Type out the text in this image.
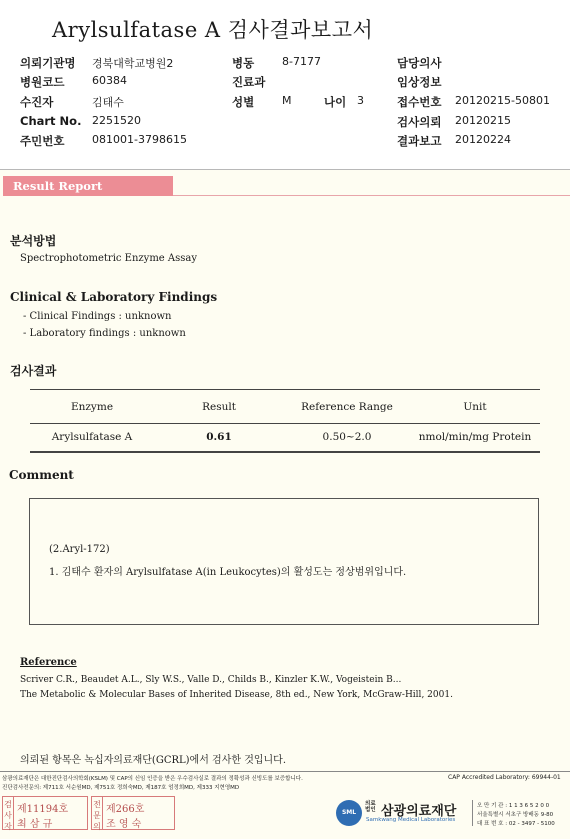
Arylsulfatase A 검사결과보고서
의뢰기관명 경북대학교병원2	병동	8-7177	담당의사
병원코드	60384	진료과	임상정보
수진자	김태수	성별	M	나이 3	접수번호 20120215-50801
Chart No. 2251520	검사의뢰 20120215
주민번호	081001-3798615	결과보고 20120224
Result Report
분석방법
Spectrophotometric Enzyme Assay
Clinical & Laboratory Findings
- Clinical Findings : unknown
- Laboratory findings : unknown
검사결과
Enzyme	Result	Reference Range	Unit
Arylsulfatase A	0.61	0.50~2.0	nmol/min/mg Protein
Comment
(2.Aryl-172)
1. 김태수 환자의 Arylsulfatase A(in Leukocytes)의 활성도는 정상범위입니다.
Reference
Scriver C.R., Beaudet A.L., Sly W.S., Valle D., Childs B., Kinzler K.W., Vogeistein B...
The Metabolic & Molecular Bases of Inherited Disease, 8th ed., New York, McGraw-Hill, 2001.
의뢰된 항목은 녹십자의료재단(GCRL)에서 검사한 것입니다.
삼광의료재단은 대한진단검사의학회(KSLM) 및 CAP의 신임 인증을 받은 우수검사실로 결과의 정확성과 신빙도를 보증합니다.
진단검사전문의: 제711호 서순원MD, 제751호 정희숙MD, 제187호 엄정희MD, 제333 지현영MD
CAP Accredited Laboratory: 69944-01
검사자
제11194호
최 삼 규
전문의
제266호
조 영 숙
SML
의료법인 삼광의료재단
Samkwang Medical Laboratories
오 만 기 관 : 1 1 3 6 5 2 0 0
서울특별시 서초구 방배동 9-80
대 표 번 호 : 02 - 3497 - 5100
